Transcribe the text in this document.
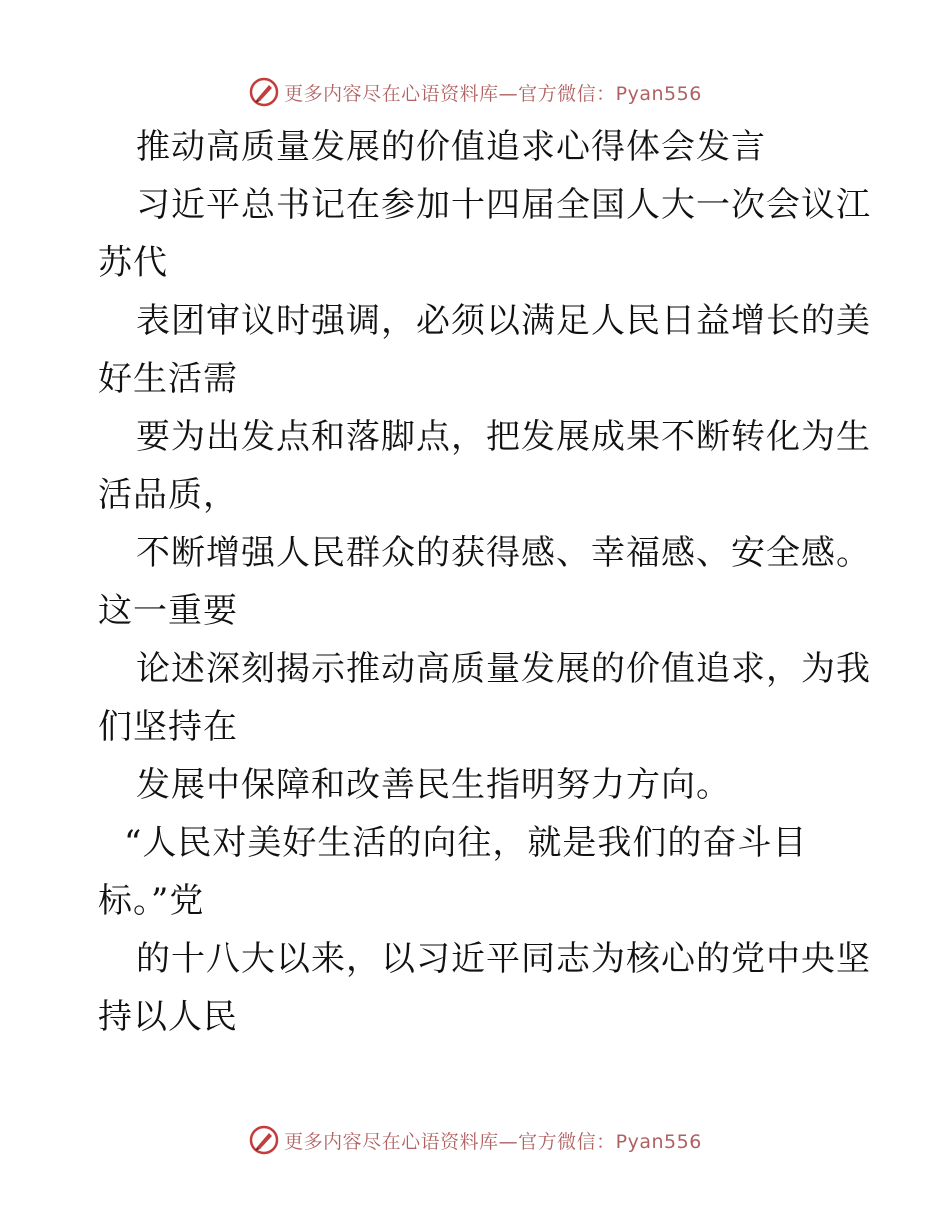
更多内容尽在心语资料库—官方微信：Pyan556
推动高质量发展的价值追求心得体会发言
习近平总书记在参加十四届全国人大一次会议江
苏代
表团审议时强调，必须以满足人民日益增长的美
好生活需
要为出发点和落脚点，把发展成果不断转化为生
活品质，
不断增强人民群众的获得感、幸福感、安全感。
这一重要
论述深刻揭示推动高质量发展的价值追求，为我
们坚持在
发展中保障和改善民生指明努力方向。
“人民对美好生活的向往，就是我们的奋斗目
标。”党
的十八大以来，以习近平同志为核心的党中央坚
持以人民
更多内容尽在心语资料库—官方微信：Pyan556
